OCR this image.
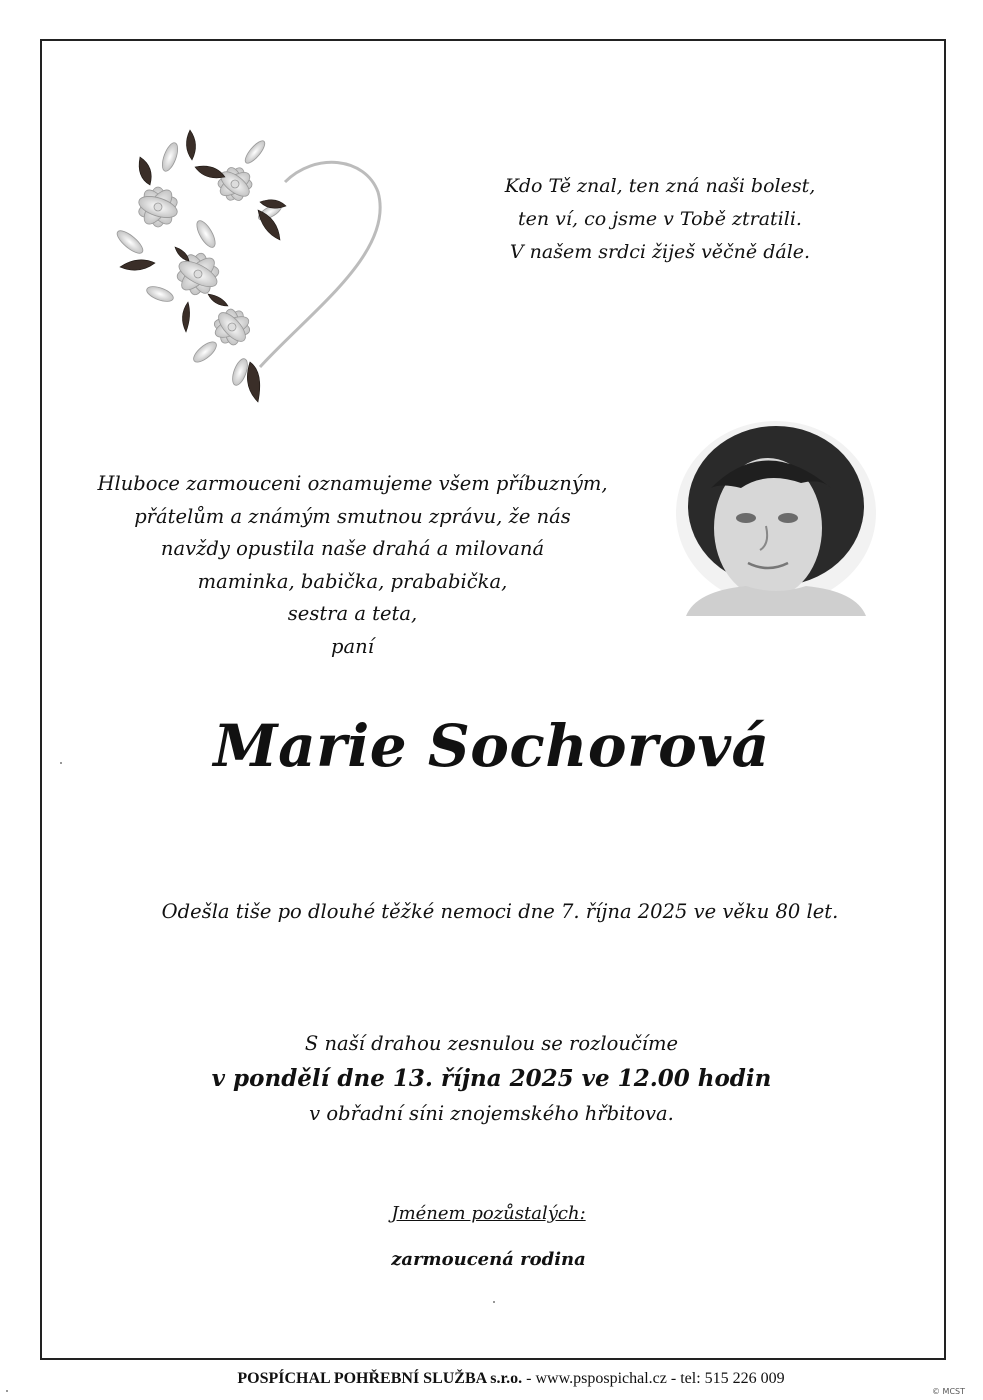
Kdo Tě znal, ten zná naši bolest,
ten ví, co jsme v Tobě ztratili.
V našem srdci žiješ věčně dále.
Hluboce zarmouceni oznamujeme všem příbuzným,
přátelům a známým smutnou zprávu, že nás
navždy opustila naše drahá a milovaná
maminka, babička, prababička,
sestra a teta,
paní
Marie Sochorová
Odešla tiše po dlouhé těžké nemoci dne 7. října 2025 ve věku 80 let.
S naší drahou zesnulou se rozloučíme
v pondělí dne 13. října 2025 ve 12.00 hodin
v obřadní síni znojemského hřbitova.
Jménem pozůstalých:
zarmoucená rodina
POSPÍCHAL POHŘEBNÍ SLUŽBA s.r.o. - www.pspospichal.cz - tel: 515 226 009
© MCST
